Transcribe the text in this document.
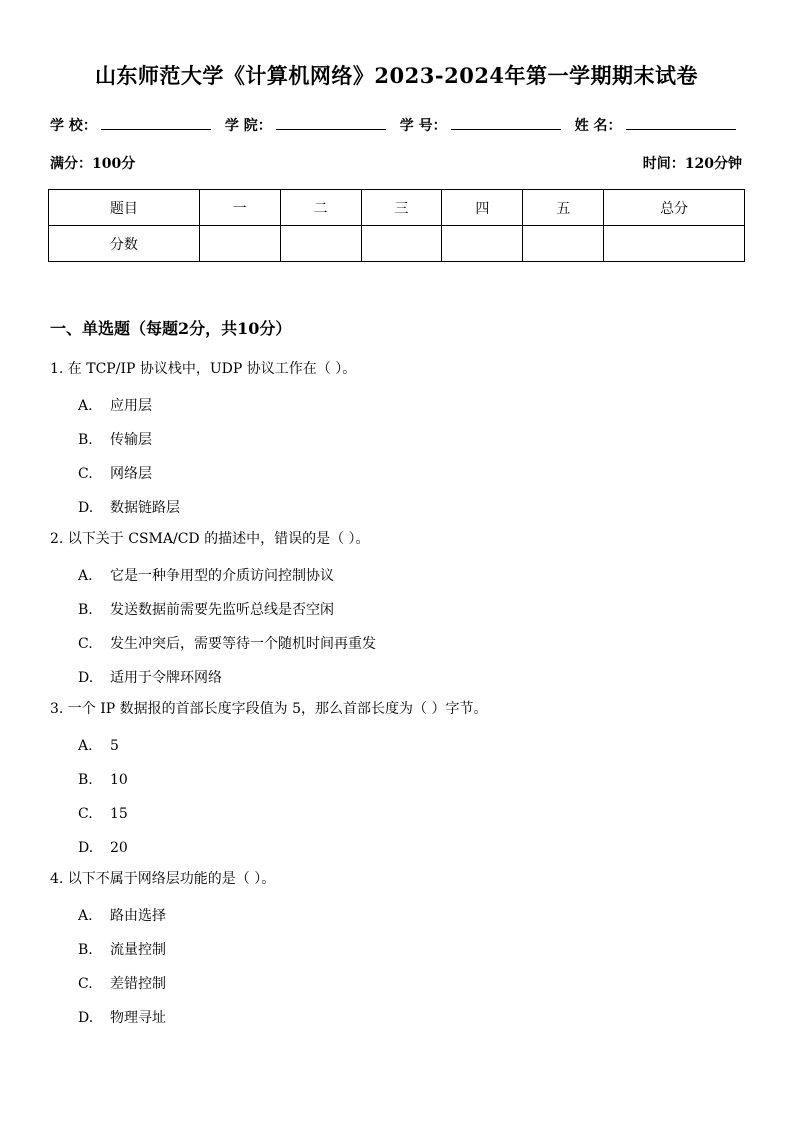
山东师范大学《计算机网络》2023-2024年第一学期期末试卷
学 校：	学 院：	学 号：	姓 名：
满分：100分	时间：120分钟
题目	一	二	三	四	五	总分
分数						
一、单选题（每题2分，共10分）
1. 在 TCP/IP 协议栈中，UDP 协议工作在（ ）。
A.	应用层
B.	传输层
C.	网络层
D.	数据链路层
2. 以下关于 CSMA/CD 的描述中，错误的是（ ）。
A.	它是一种争用型的介质访问控制协议
B.	发送数据前需要先监听总线是否空闲
C.	发生冲突后，需要等待一个随机时间再重发
D.	适用于令牌环网络
3. 一个 IP 数据报的首部长度字段值为 5，那么首部长度为（ ）字节。
A.	5
B.	10
C.	15
D.	20
4. 以下不属于网络层功能的是（ ）。
A.	路由选择
B.	流量控制
C.	差错控制
D.	物理寻址
